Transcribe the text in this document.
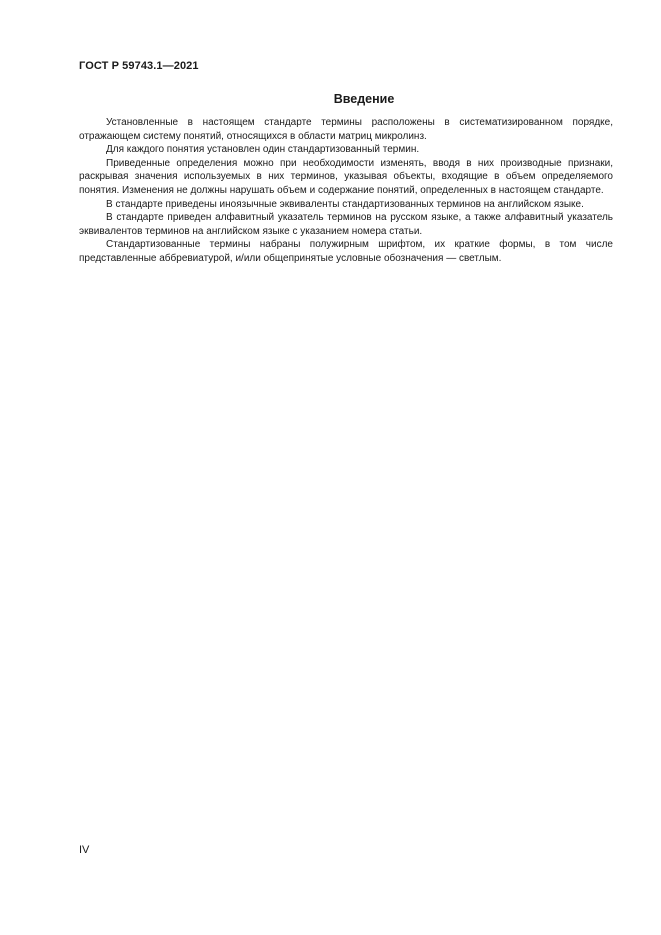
ГОСТ Р 59743.1—2021
Введение

Установленные в настоящем стандарте термины расположены в систематизированном порядке, отражающем систему понятий, относящихся в области матриц микролинз.

Для каждого понятия установлен один стандартизованный термин.

Приведенные определения можно при необходимости изменять, вводя в них производные признаки, раскрывая значения используемых в них терминов, указывая объекты, входящие в объем определяемого понятия. Изменения не должны нарушать объем и содержание понятий, определенных в настоящем стандарте.

В стандарте приведены иноязычные эквиваленты стандартизованных терминов на английском языке.

В стандарте приведен алфавитный указатель терминов на русском языке, а также алфавитный указатель эквивалентов терминов на английском языке с указанием номера статьи.

Стандартизованные термины набраны полужирным шрифтом, их краткие формы, в том числе представленные аббревиатурой, и/или общепринятые условные обозначения — светлым.

IV
